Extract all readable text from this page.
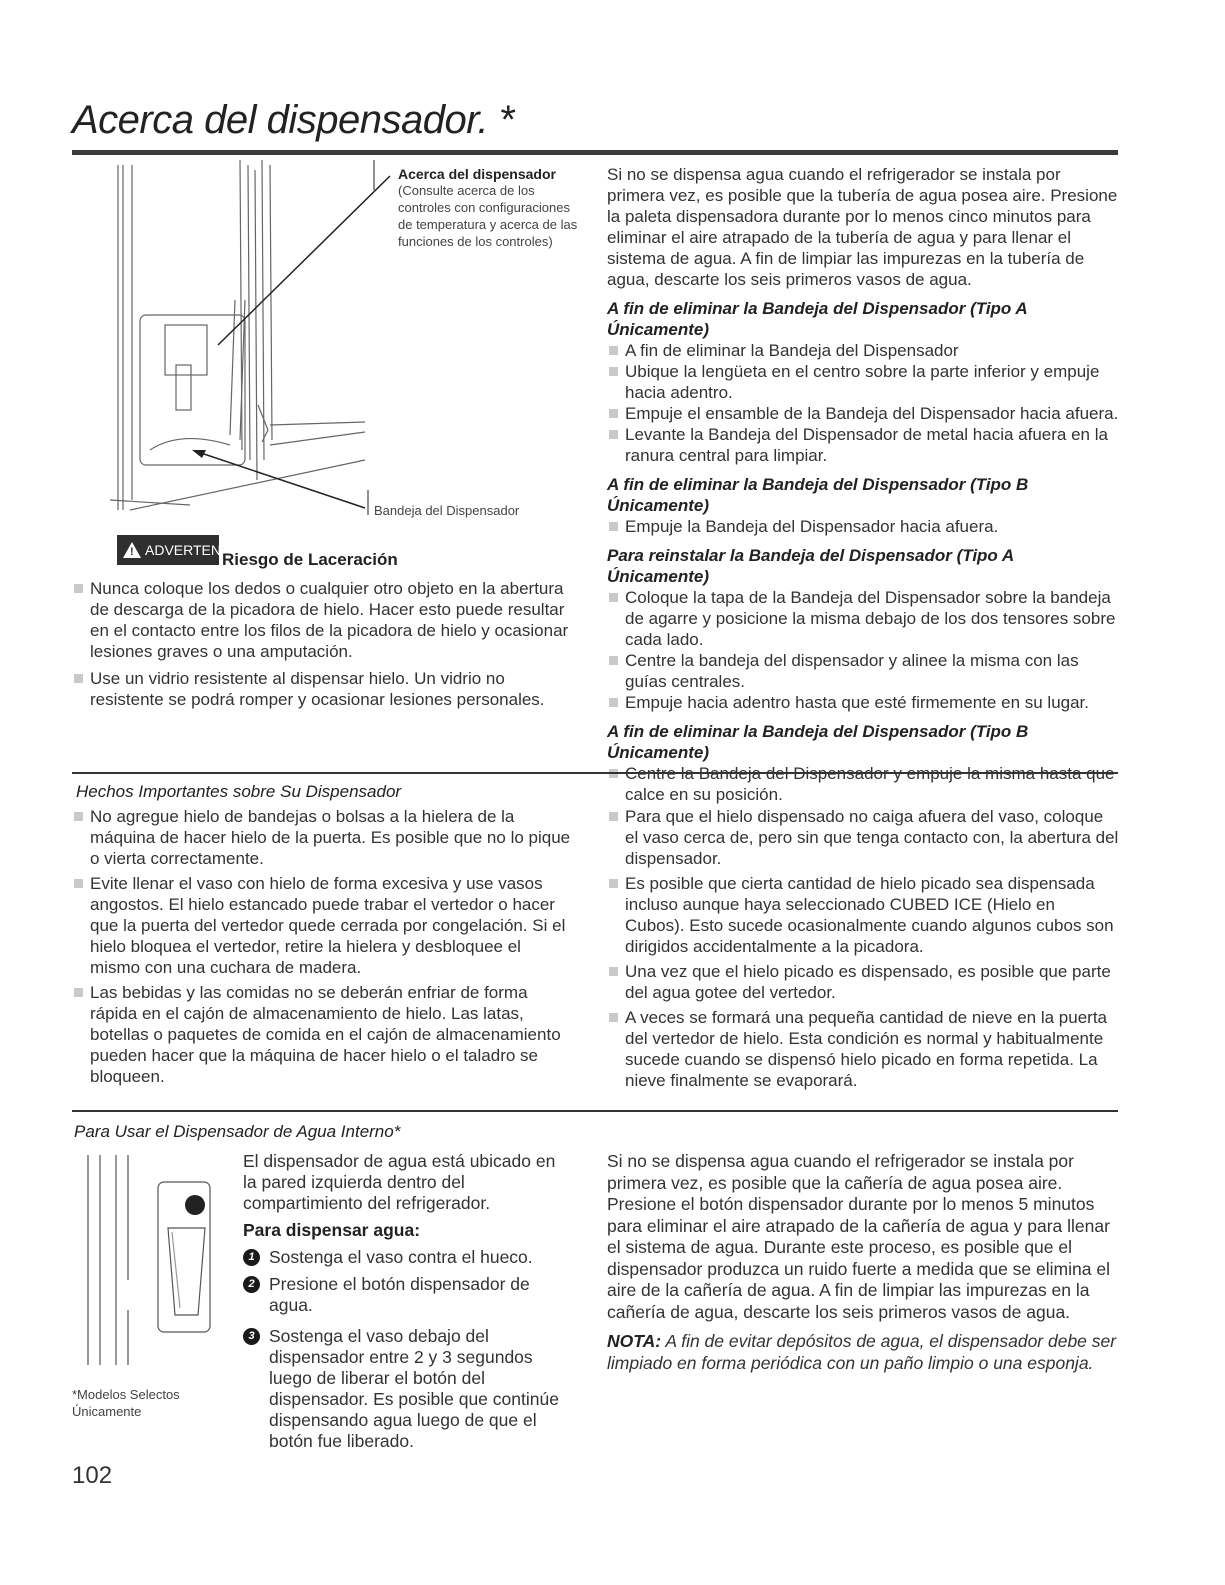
Acerca del dispensador. *
Acerca del dispensador
(Consulte acerca de los controles con configuraciones de temperatura y acerca de las funciones de los controles)
Bandeja del Dispensador
! ADVERTENCIA
Riesgo de Laceración
Nunca coloque los dedos o cualquier otro objeto en la abertura de descarga de la picadora de hielo. Hacer esto puede resultar en el contacto entre los filos de la picadora de hielo y ocasionar lesiones graves o una amputación.
Use un vidrio resistente al dispensar hielo. Un vidrio no resistente se podrá romper y ocasionar lesiones personales.
Si no se dispensa agua cuando el refrigerador se instala por primera vez, es posible que la tubería de agua posea aire. Presione la paleta dispensadora durante por lo menos cinco minutos para eliminar el aire atrapado de la tubería de agua y para llenar el sistema de agua. A fin de limpiar las impurezas en la tubería de agua, descarte los seis primeros vasos de agua.
A fin de eliminar la Bandeja del Dispensador (Tipo A Únicamente)
A fin de eliminar la Bandeja del Dispensador
Ubique la lengüeta en el centro sobre la parte inferior y empuje hacia adentro.
Empuje el ensamble de la Bandeja del Dispensador hacia afuera.
Levante la Bandeja del Dispensador de metal hacia afuera en la ranura central para limpiar.
A fin de eliminar la Bandeja del Dispensador (Tipo B Únicamente)
Empuje la Bandeja del Dispensador hacia afuera.
Para reinstalar la Bandeja del Dispensador (Tipo A Únicamente)
Coloque la tapa de la Bandeja del Dispensador sobre la bandeja de agarre y posicione la misma debajo de los dos tensores sobre cada lado.
Centre la bandeja del dispensador y alinee la misma con las guías centrales.
Empuje hacia adentro hasta que esté firmemente en su lugar.
A fin de eliminar la Bandeja del Dispensador (Tipo B Únicamente)
calce en su posición.
Hechos Importantes sobre Su Dispensador
No agregue hielo de bandejas o bolsas a la hielera de la máquina de hacer hielo de la puerta. Es posible que no lo pique o vierta correctamente.
Evite llenar el vaso con hielo de forma excesiva y use vasos angostos. El hielo estancado puede trabar el vertedor o hacer que la puerta del vertedor quede cerrada por congelación. Si el hielo bloquea el vertedor, retire la hielera y desbloquee el mismo con una cuchara de madera.
Las bebidas y las comidas no se deberán enfriar de forma rápida en el cajón de almacenamiento de hielo. Las latas, botellas o paquetes de comida en el cajón de almacenamiento pueden hacer que la máquina de hacer hielo o el taladro se bloqueen.
Para que el hielo dispensado no caiga afuera del vaso, coloque el vaso cerca de, pero sin que tenga contacto con, la abertura del dispensador.
Es posible que cierta cantidad de hielo picado sea dispensada incluso aunque haya seleccionado CUBED ICE (Hielo en Cubos). Esto sucede ocasionalmente cuando algunos cubos son dirigidos accidentalmente a la picadora.
Una vez que el hielo picado es dispensado, es posible que parte del agua gotee del vertedor.
A veces se formará una pequeña cantidad de nieve en la puerta del vertedor de hielo. Esta condición es normal y habitualmente sucede cuando se dispensó hielo picado en forma repetida. La nieve finalmente se evaporará.
Para Usar el Dispensador de Agua Interno*
*Modelos Selectos Únicamente
El dispensador de agua está ubicado en la pared izquierda dentro del compartimiento del refrigerador.
Para dispensar agua:
1 Sostenga el vaso contra el hueco.
2 Presione el botón dispensador de agua.
3 Sostenga el vaso debajo del dispensador entre 2 y 3 segundos luego de liberar el botón del dispensador. Es posible que continúe dispensando agua luego de que el botón fue liberado.
Si no se dispensa agua cuando el refrigerador se instala por primera vez, es posible que la cañería de agua posea aire. Presione el botón dispensador durante por lo menos 5 minutos para eliminar el aire atrapado de la cañería de agua y para llenar el sistema de agua. Durante este proceso, es posible que el dispensador produzca un ruido fuerte a medida que se elimina el aire de la cañería de agua. A fin de limpiar las impurezas en la cañería de agua, descarte los seis primeros vasos de agua.
NOTA: A fin de evitar depósitos de agua, el dispensador debe ser limpiado en forma periódica con un paño limpio o una esponja.
102
